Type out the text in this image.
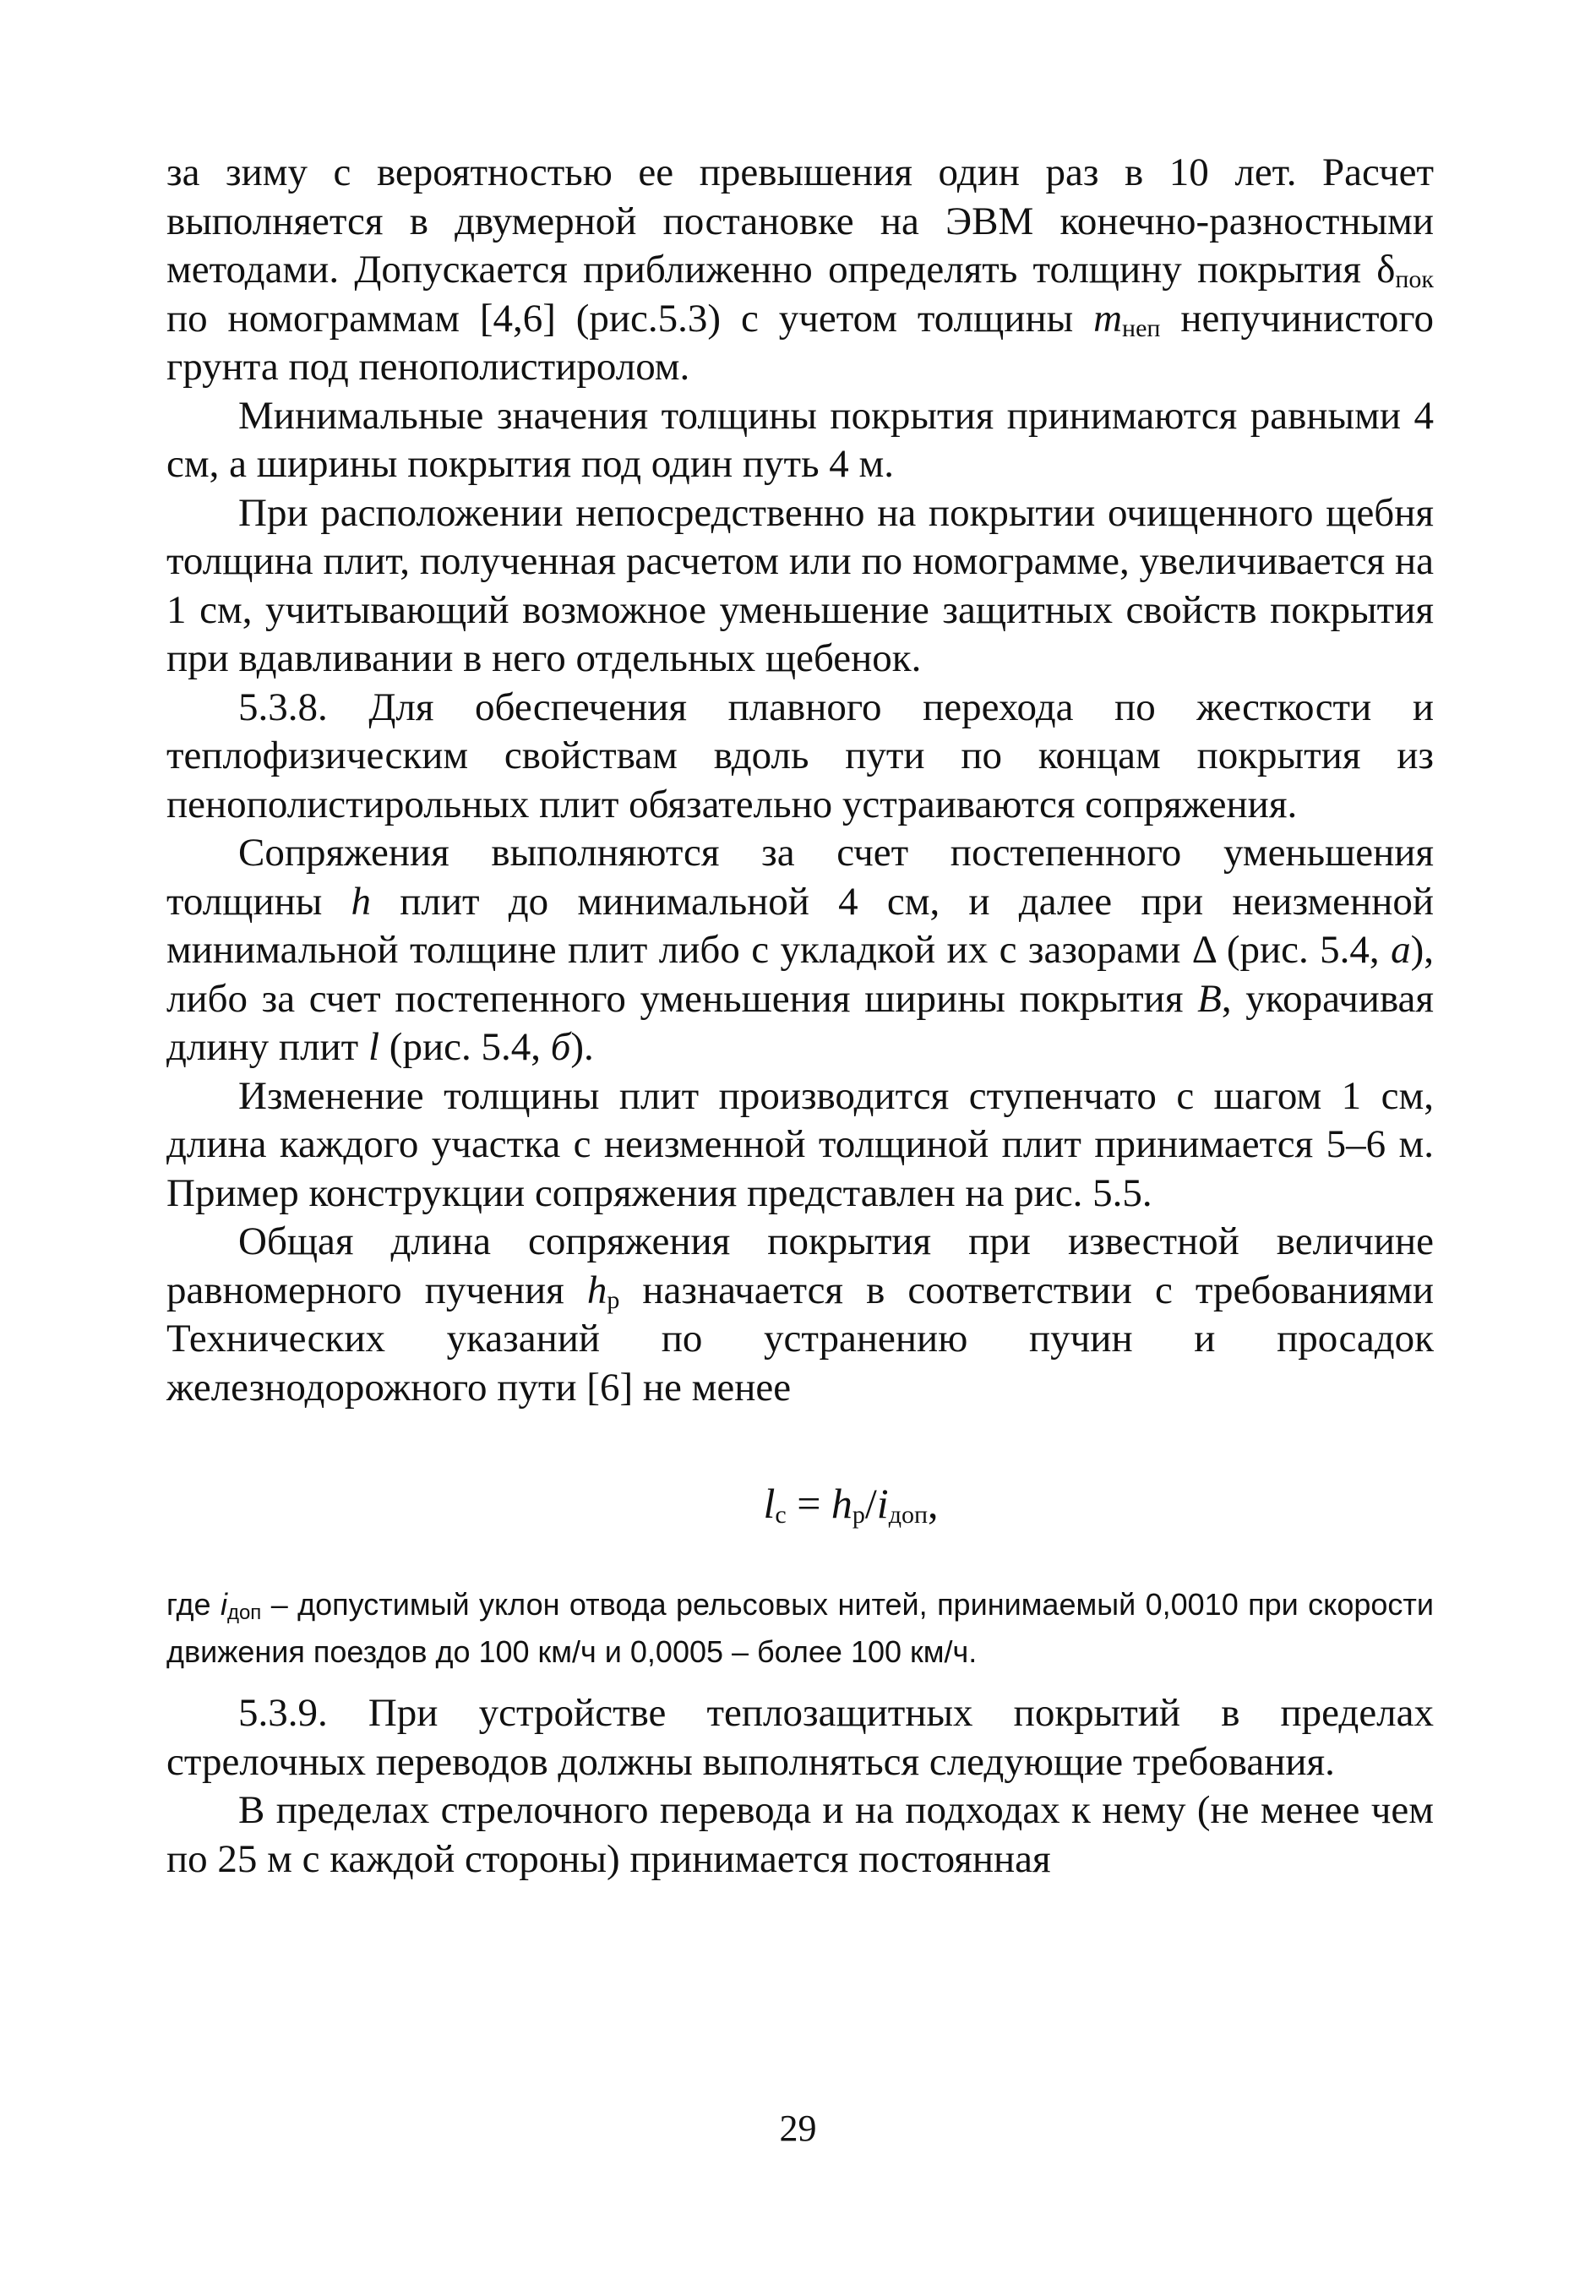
за зиму с вероятностью ее превышения один раз в 10 лет. Расчет выполняется в двумерной постановке на ЭВМ конечно-разностными методами. Допускается приближенно определять толщину покрытия $\delta_{пок}$ по номограммам [4,6] (рис.5.3) с учетом толщины $m_{неп}$ непучинистого грунта под пенополистиролом.

Минимальные значения толщины покрытия принимаются равными 4 см, а ширины покрытия под один путь 4 м.

При расположении непосредственно на покрытии очищенного щебня толщина плит, полученная расчетом или по номограмме, увеличивается на 1 см, учитывающий возможное уменьшение защитных свойств покрытия при вдавливании в него отдельных щебенок.

5.3.8. Для обеспечения плавного перехода по жесткости и теплофизическим свойствам вдоль пути по концам покрытия из пенополистирольных плит обязательно устраиваются сопряжения.

Сопряжения выполняются за счет постепенного уменьшения толщины h плит до минимальной 4 см, и далее при неизменной минимальной толщине плит либо с укладкой их с зазорами Δ (рис. 5.4, а), либо за счет постепенного уменьшения ширины покрытия B, укорачивая длину плит l (рис. 5.4, б).

Изменение толщины плит производится ступенчато с шагом 1 см, длина каждого участка с неизменной толщиной плит принимается 5–6 м. Пример конструкции сопряжения представлен на рис. 5.5.

Общая длина сопряжения покрытия при известной величине равномерного пучения $h_р$ назначается в соответствии с требованиями Технических указаний по устранению пучин и просадок железнодорожного пути [6] не менее

$l_с = h_р/i_{доп}$,

где $i_{доп}$ – допустимый уклон отвода рельсовых нитей, принимаемый 0,0010 при скорости движения поездов до 100 км/ч и 0,0005 – более 100 км/ч.

5.3.9. При устройстве теплозащитных покрытий в пределах стрелочных переводов должны выполняться следующие требования.

В пределах стрелочного перевода и на подходах к нему (не менее чем по 25 м с каждой стороны) принимается постоянная

29
